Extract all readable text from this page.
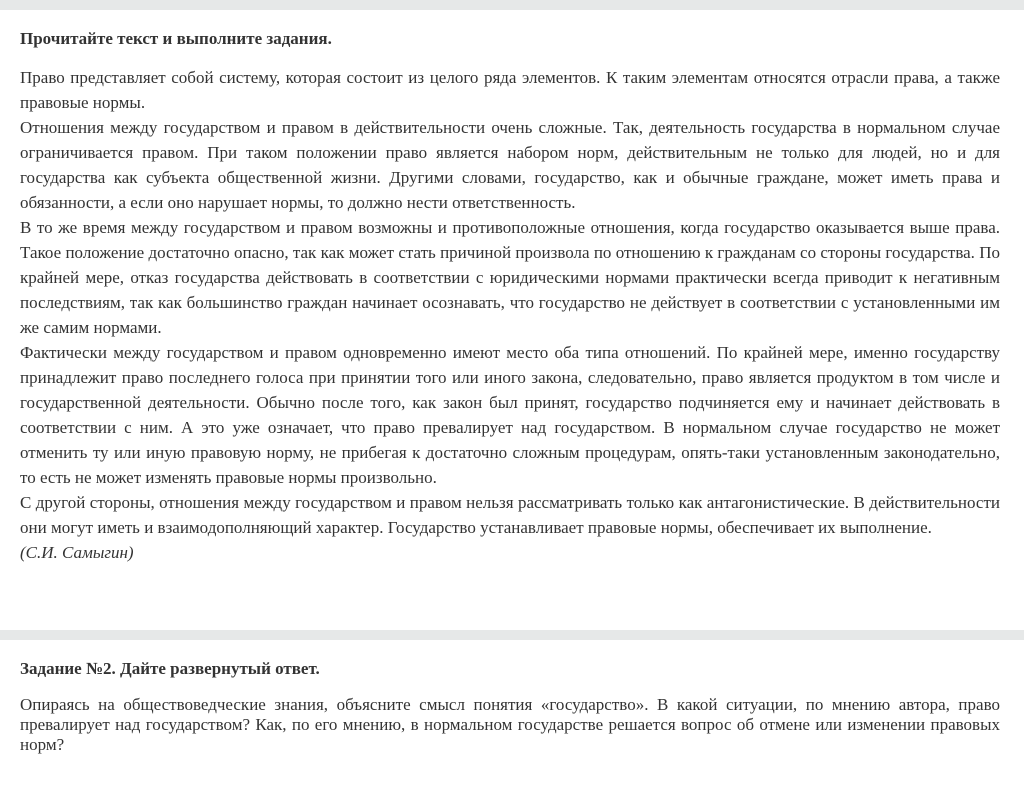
Прочитайте текст и выполните задания.

Право представляет собой систему, которая состоит из целого ряда элементов. К таким элементам относятся отрасли права, а также правовые нормы.

Отношения между государством и правом в действительности очень сложные. Так, деятельность государства в нормальном случае ограничивается правом. При таком положении право является набором норм, действительным не только для людей, но и для государства как субъекта общественной жизни. Другими словами, государство, как и обычные граждане, может иметь права и обязанности, а если оно нарушает нормы, то должно нести ответственность.

В то же время между государством и правом возможны и противоположные отношения, когда государство оказывается выше права. Такое положение достаточно опасно, так как может стать причиной произвола по отношению к гражданам со стороны государства. По крайней мере, отказ государства действовать в соответствии с юридическими нормами практически всегда приводит к негативным последствиям, так как большинство граждан начинает осознавать, что государство не действует в соответствии с установленными им же самим нормами.

Фактически между государством и правом одновременно имеют место оба типа отношений. По крайней мере, именно государству принадлежит право последнего голоса при принятии того или иного закона, следовательно, право является продуктом в том числе и государственной деятельности. Обычно после того, как закон был принят, государство подчиняется ему и начинает действовать в соответствии с ним. А это уже означает, что право превалирует над государством. В нормальном случае государство не может отменить ту или иную правовую норму, не прибегая к достаточно сложным процедурам, опять-таки установленным законодательно, то есть не может изменять правовые нормы произвольно.

С другой стороны, отношения между государством и правом нельзя рассматривать только как антагонистические. В действительности они могут иметь и взаимодополняющий характер. Государство устанавливает правовые нормы, обеспечивает их выполнение.

(С.И. Самыгин)

Задание №2. Дайте развернутый ответ.

Опираясь на обществоведческие знания, объясните смысл понятия «государство». В какой ситуации, по мнению автора, право превалирует над государством? Как, по его мнению, в нормальном государстве решается вопрос об отмене или изменении правовых норм?
